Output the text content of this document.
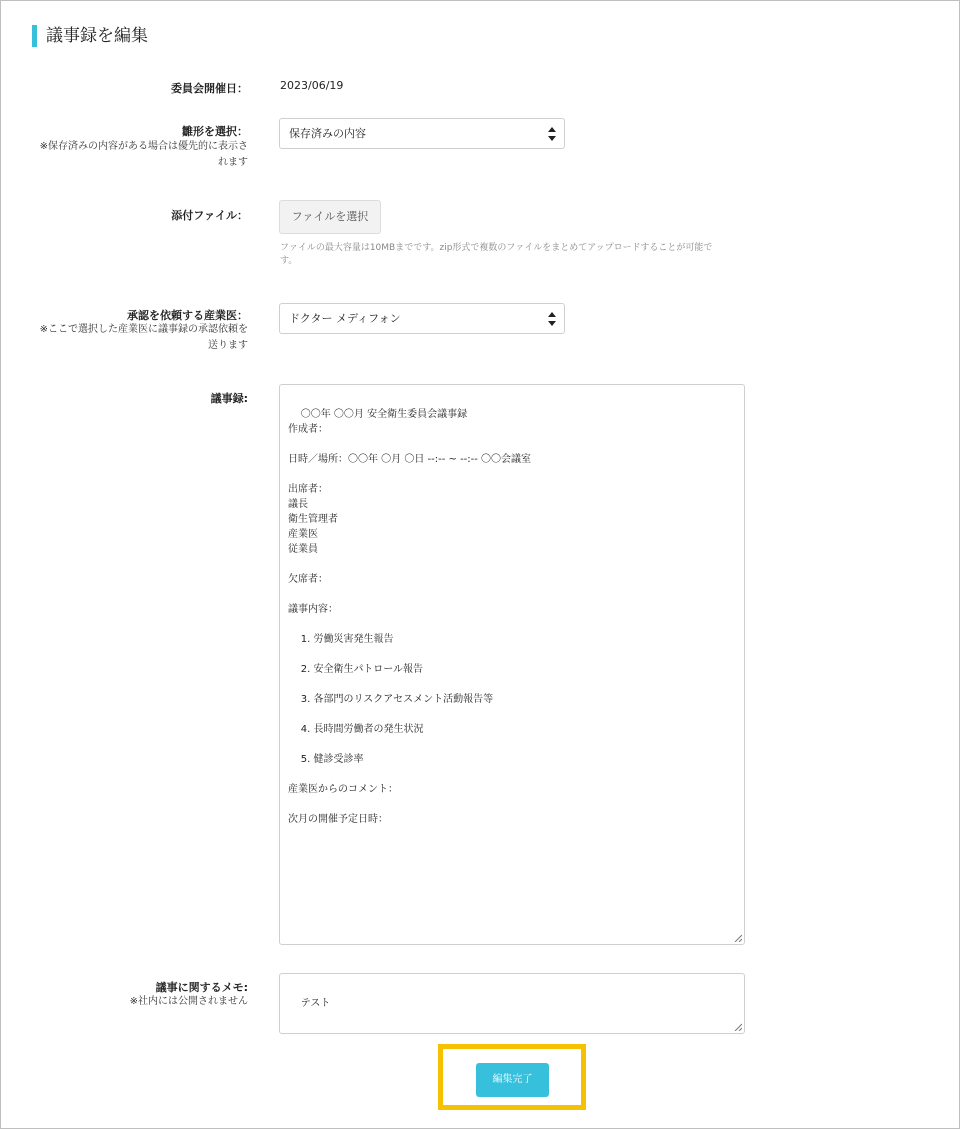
議事録を編集
委員会開催日：	2023/06/19
雛形を選択：
※保存済みの内容がある場合は優先的に表示さ
れます
保存済みの内容
添付ファイル：	ファイルを選択
ファイルの最大容量は10MBまでです。zip形式で複数のファイルをまとめてアップロードすることが可能で
す。
承認を依頼する産業医：
※ここで選択した産業医に議事録の承認依頼を
送ります
ドクター メディフォン
議事録:

〇〇年 〇〇月 安全衛生委員会議事録
作成者：

日時／場所：〇〇年 〇月 〇日 --:-- ~ --:-- 〇〇会議室

出席者：
議長
衛生管理者
産業医
従業員

欠席者：

議事内容：

1. 労働災害発生報告

2. 安全衛生パトロール報告

3. 各部門のリスクアセスメント活動報告等

4. 長時間労働者の発生状況

5. 健診受診率

産業医からのコメント：

次月の開催予定日時：

議事に関するメモ:
※社内には公開されません	テスト

編集完了
